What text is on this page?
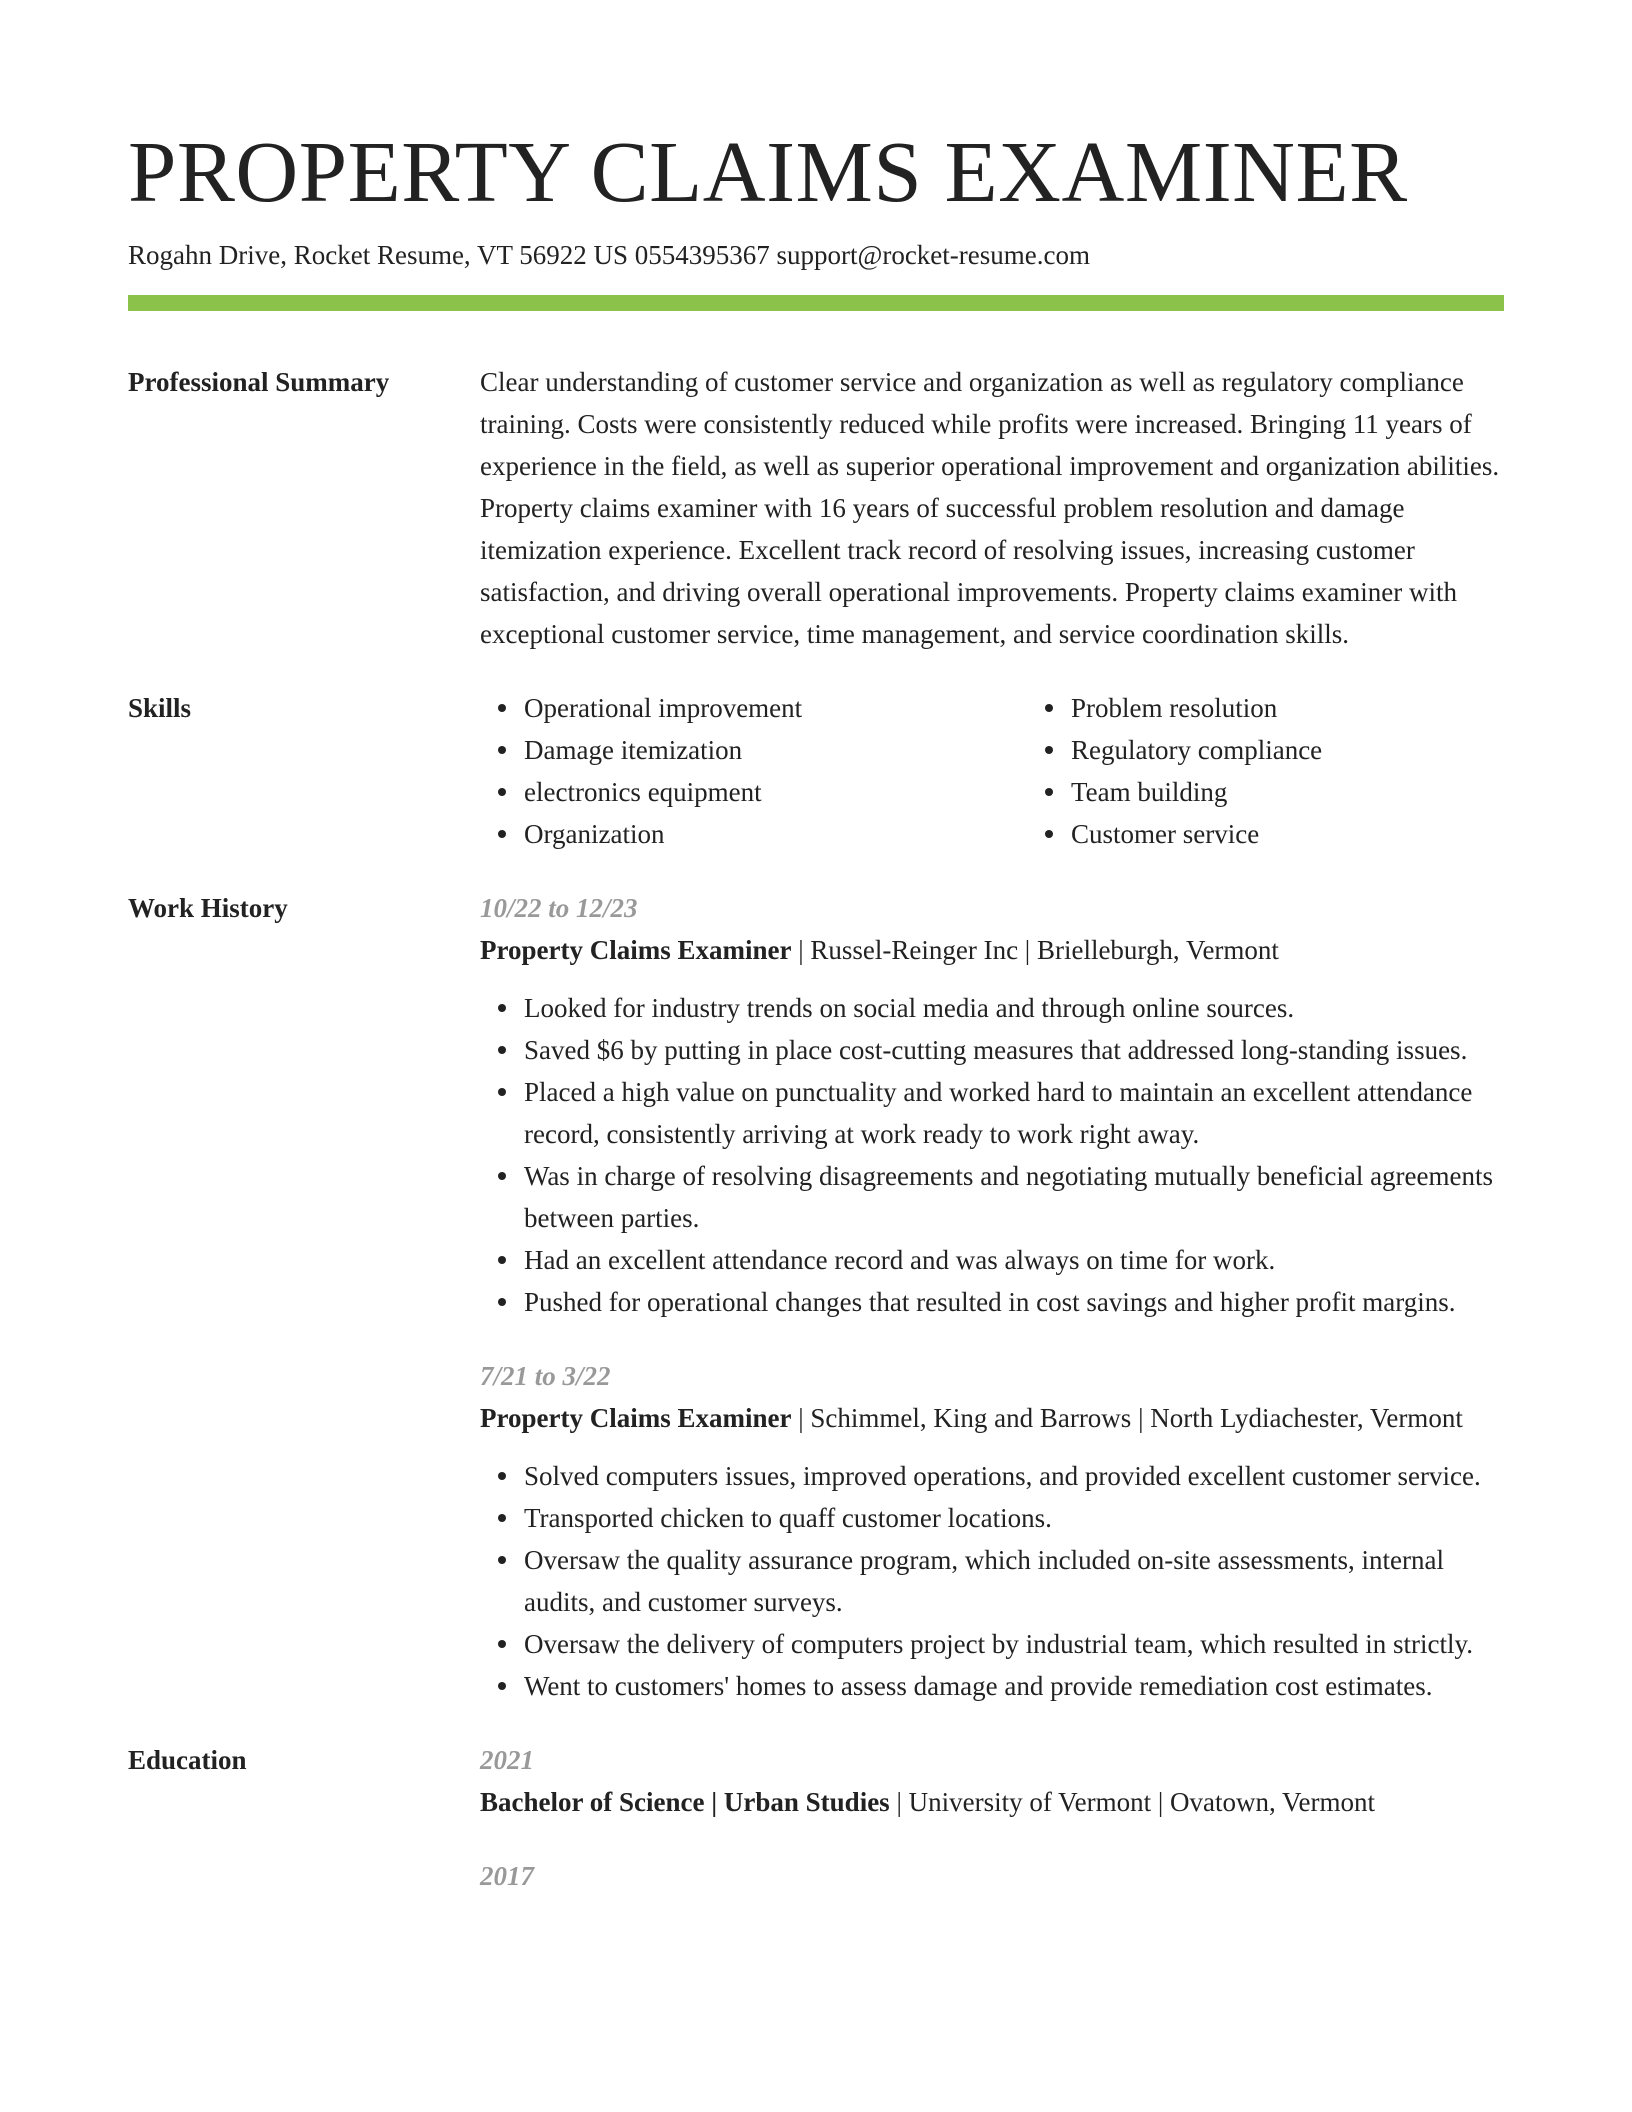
PROPERTY CLAIMS EXAMINER
Rogahn Drive, Rocket Resume, VT 56922 US 0554395367 support@rocket-resume.com
Professional Summary	Clear understanding of customer service and organization as well as regulatory compliance training. Costs were consistently reduced while profits were increased. Bringing 11 years of experience in the field, as well as superior operational improvement and organization abilities. Property claims examiner with 16 years of successful problem resolution and damage itemization experience. Excellent track record of resolving issues, increasing customer satisfaction, and driving overall operational improvements. Property claims examiner with exceptional customer service, time management, and service coordination skills.

Skills	Operational improvement
Damage itemization
electronics equipment
Organization
Problem resolution
Regulatory compliance
Team building
Customer service
Work History	10/22 to 12/23
Property Claims Examiner | Russel-Reinger Inc | Brielleburgh, Vermont
Looked for industry trends on social media and through online sources.
Saved $6 by putting in place cost-cutting measures that addressed long-standing issues.
Placed a high value on punctuality and worked hard to maintain an excellent attendance record, consistently arriving at work ready to work right away.
Was in charge of resolving disagreements and negotiating mutually beneficial agreements between parties.
Had an excellent attendance record and was always on time for work.
Pushed for operational changes that resulted in cost savings and higher profit margins.
7/21 to 3/22
Property Claims Examiner | Schimmel, King and Barrows | North Lydiachester, Vermont
Solved computers issues, improved operations, and provided excellent customer service.
Transported chicken to quaff customer locations.
Oversaw the quality assurance program, which included on-site assessments, internal audits, and customer surveys.
Oversaw the delivery of computers project by industrial team, which resulted in strictly.
Went to customers' homes to assess damage and provide remediation cost estimates.
Education	2021
Bachelor of Science | Urban Studies | University of Vermont | Ovatown, Vermont
2017
